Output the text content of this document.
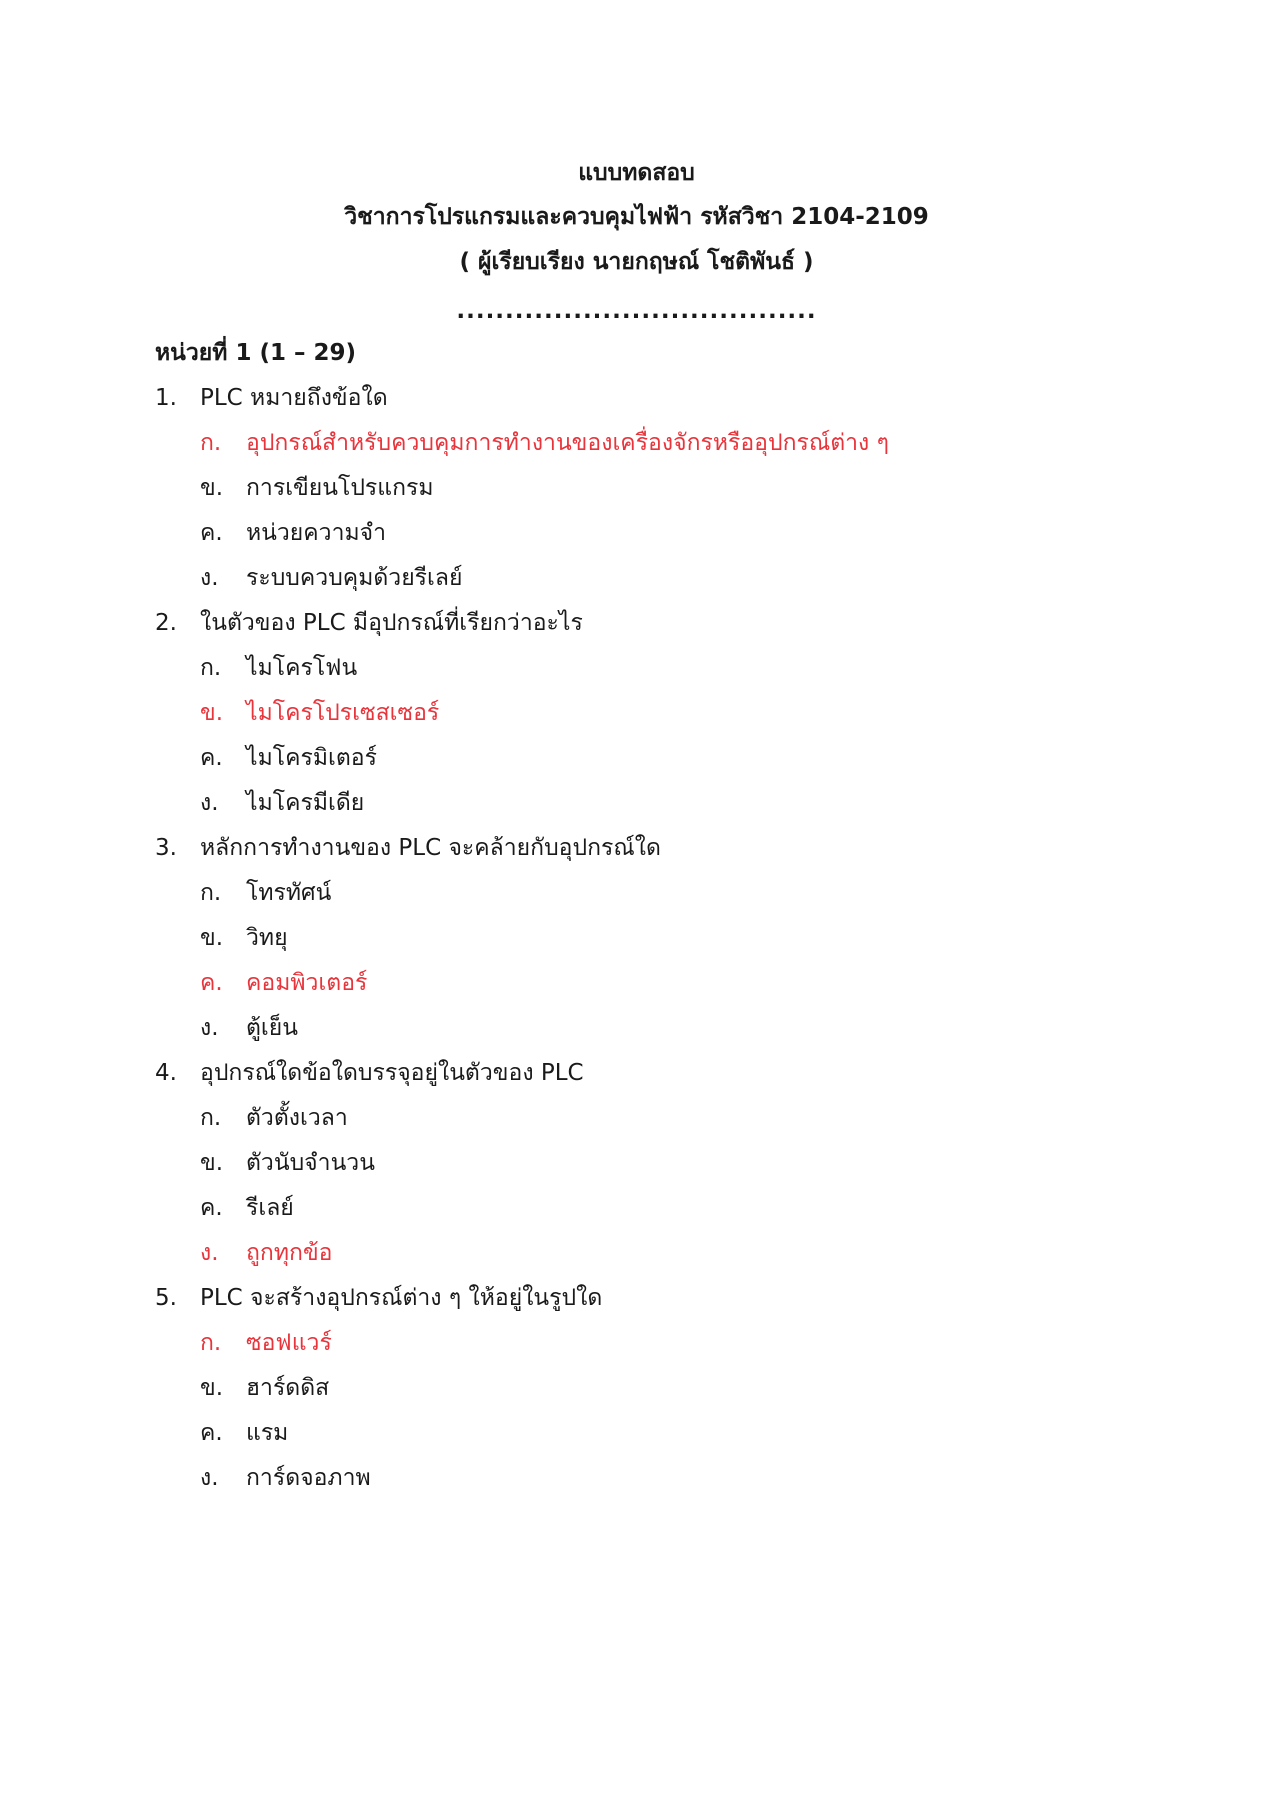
แบบทดสอบ
วิชาการโปรแกรมและควบคุมไฟฟ้า รหัสวิชา 2104-2109
( ผู้เรียบเรียง นายกฤษณ์ โชติพันธ์ )
.....................................
หน่วยที่ 1 (1 – 29)
1. PLC หมายถึงข้อใด
ก. อุปกรณ์สำหรับควบคุมการทำงานของเครื่องจักรหรืออุปกรณ์ต่าง ๆ
ข. การเขียนโปรแกรม
ค. หน่วยความจำ
ง. ระบบควบคุมด้วยรีเลย์
2. ในตัวของ PLC มีอุปกรณ์ที่เรียกว่าอะไร
ก. ไมโครโฟน
ข. ไมโครโปรเซสเซอร์
ค. ไมโครมิเตอร์
ง. ไมโครมีเดีย
3. หลักการทำงานของ PLC จะคล้ายกับอุปกรณ์ใด
ก. โทรทัศน์
ข. วิทยุ
ค. คอมพิวเตอร์
ง. ตู้เย็น
4. อุปกรณ์ใดข้อใดบรรจุอยู่ในตัวของ PLC
ก. ตัวตั้งเวลา
ข. ตัวนับจำนวน
ค. รีเลย์
ง. ถูกทุกข้อ
5. PLC จะสร้างอุปกรณ์ต่าง ๆ ให้อยู่ในรูปใด
ก. ซอฟแวร์
ข. ฮาร์ดดิส
ค. แรม
ง. การ์ดจอภาพ
